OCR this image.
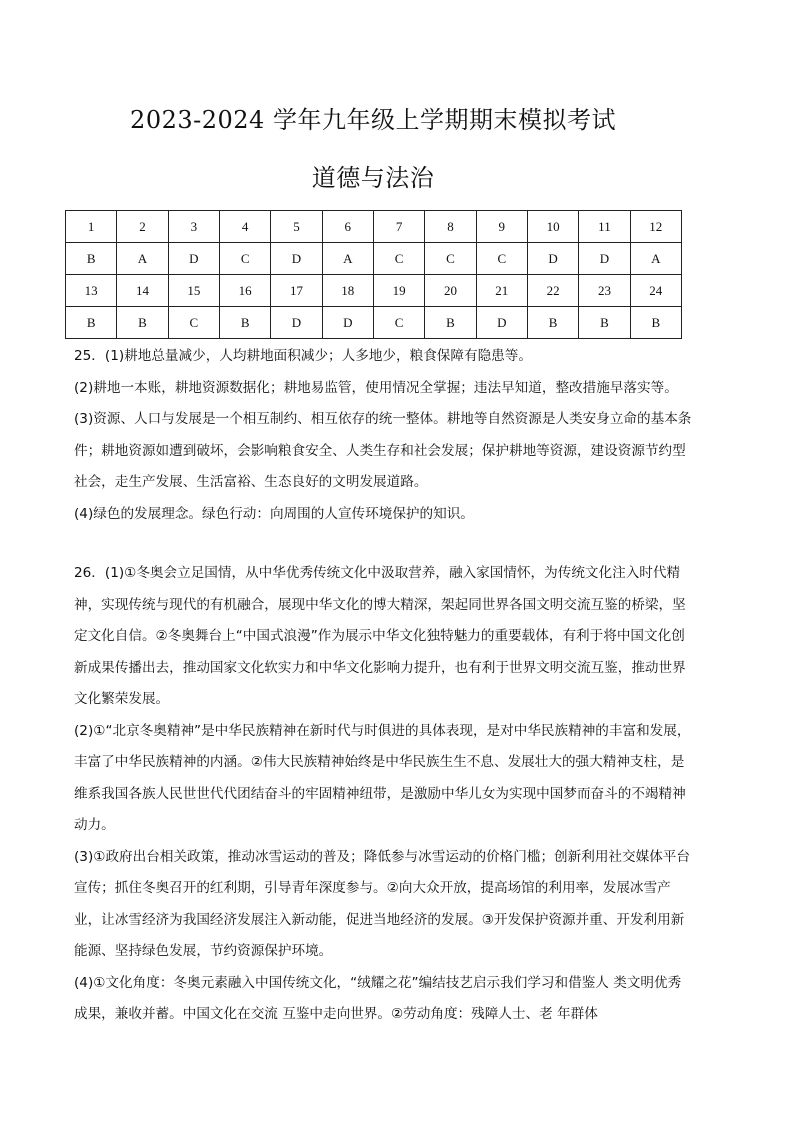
2023-2024 学年九年级上学期期末模拟考试
道德与法治
1	2	3	4	5	6	7	8	9	10	11	12
B	A	D	C	D	A	C	C	C	D	D	A
13	14	15	16	17	18	19	20	21	22	23	24
B	B	C	B	D	D	C	B	D	B	B	B

25．(1)耕地总量减少，人均耕地面积减少；人多地少，粮食保障有隐患等。

(2)耕地一本账，耕地资源数据化；耕地易监管，使用情况全掌握；违法早知道，整改措施早落实等。

(3)资源、人口与发展是一个相互制约、相互依存的统一整体。耕地等自然资源是人类安身立命的基本条件；耕地资源如遭到破坏，会影响粮食安全、人类生存和社会发展；保护耕地等资源，建设资源节约型社会，走生产发展、生活富裕、生态良好的文明发展道路。

(4)绿色的发展理念。绿色行动：向周围的人宣传环境保护的知识。

26．(1)①冬奥会立足国情，从中华优秀传统文化中汲取营养，融入家国情怀，为传统文化注入时代精神，实现传统与现代的有机融合，展现中华文化的博大精深，架起同世界各国文明交流互鉴的桥梁，坚定文化自信。②冬奥舞台上“中国式浪漫”作为展示中华文化独特魅力的重要载体，有利于将中国文化创新成果传播出去，推动国家文化软实力和中华文化影响力提升，也有利于世界文明交流互鉴，推动世界文化繁荣发展。

(2)①“北京冬奥精神”是中华民族精神在新时代与时俱进的具体表现，是对中华民族精神的丰富和发展，丰富了中华民族精神的内涵。②伟大民族精神始终是中华民族生生不息、发展壮大的强大精神支柱，是维系我国各族人民世世代代团结奋斗的牢固精神纽带，是激励中华儿女为实现中国梦而奋斗的不竭精神动力。

(3)①政府出台相关政策，推动冰雪运动的普及；降低参与冰雪运动的价格门槛；创新利用社交媒体平台宣传；抓住冬奥召开的红利期，引导青年深度参与。②向大众开放，提高场馆的利用率，发展冰雪产业，让冰雪经济为我国经济发展注入新动能，促进当地经济的发展。③开发保护资源并重、开发利用新能源、坚持绿色发展，节约资源保护环境。

(4)①文化角度：冬奥元素融入中国传统文化，“绒耀之花”编结技艺启示我们学习和借鉴人 类文明优秀成果，兼收并蓄。中国文化在交流 互鉴中走向世界。②劳动角度：残障人士、老 年群体
